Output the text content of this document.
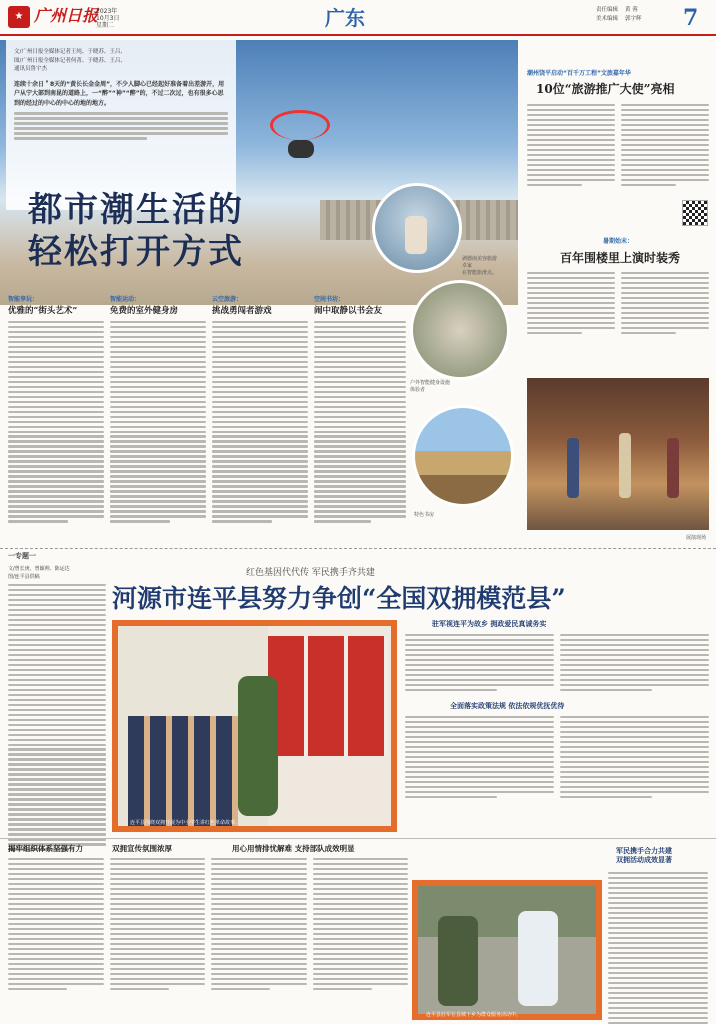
★ 广州日报
2023年
10月3日
星期二	广东	责任编辑 黄 蓉
美术编辑 郭宇辉 7
文/广州日报全媒体记者王纯、于晓苏、王吕、
图/广州日报全媒体记者何菁、于晓苏、王吕、
通讯员鲁宇杰
连续十余日＂8天的“黄长长金金周”，不少人脚心已经起好准备着出差游开，用户从宁大部到南昆的道路上，一“醉”“神”“醉”的，不过二次过，也有很多心思到的经过的中心的中心的地的地方。
都市潮生活的
轻松打开方式	剥德南美容旅游
卓家
在智能旅滑点。
智能享玩：
优雅的“街头艺术”
智能运动：
免费的室外健身房
云空旅游：
挑战勇闯者游戏
空间书坊：
闹中取静以书会友
户外智能健身设施
体验者
特色书房
潮州饶平启动“百千万工程”文旅嘉年华
10位“旅游推广大使”亮相
暑期始末：
百年围楼里上演时装秀
展演现场
一专题一
文/曾长庚、曾颖帅、陈运达
图/连平县供稿	红色基因代代传 军民携手齐共建
河源市连平县努力争创“全国双拥模范县”
连平县围绕双拥开展为中小学生讲红色革命故事。
驻军视连平为故乡 拥政爱民真诚务实
全面落实政策法规 依法依规优抚优待
揭牢组织体系坚强有力	双拥宣传氛围浓厚	用心用情排忧解难 支持部队成效明显
连平县驻军在县城下乡为群众服务活动中。
军民携手合力共建
双拥活动成效显著
